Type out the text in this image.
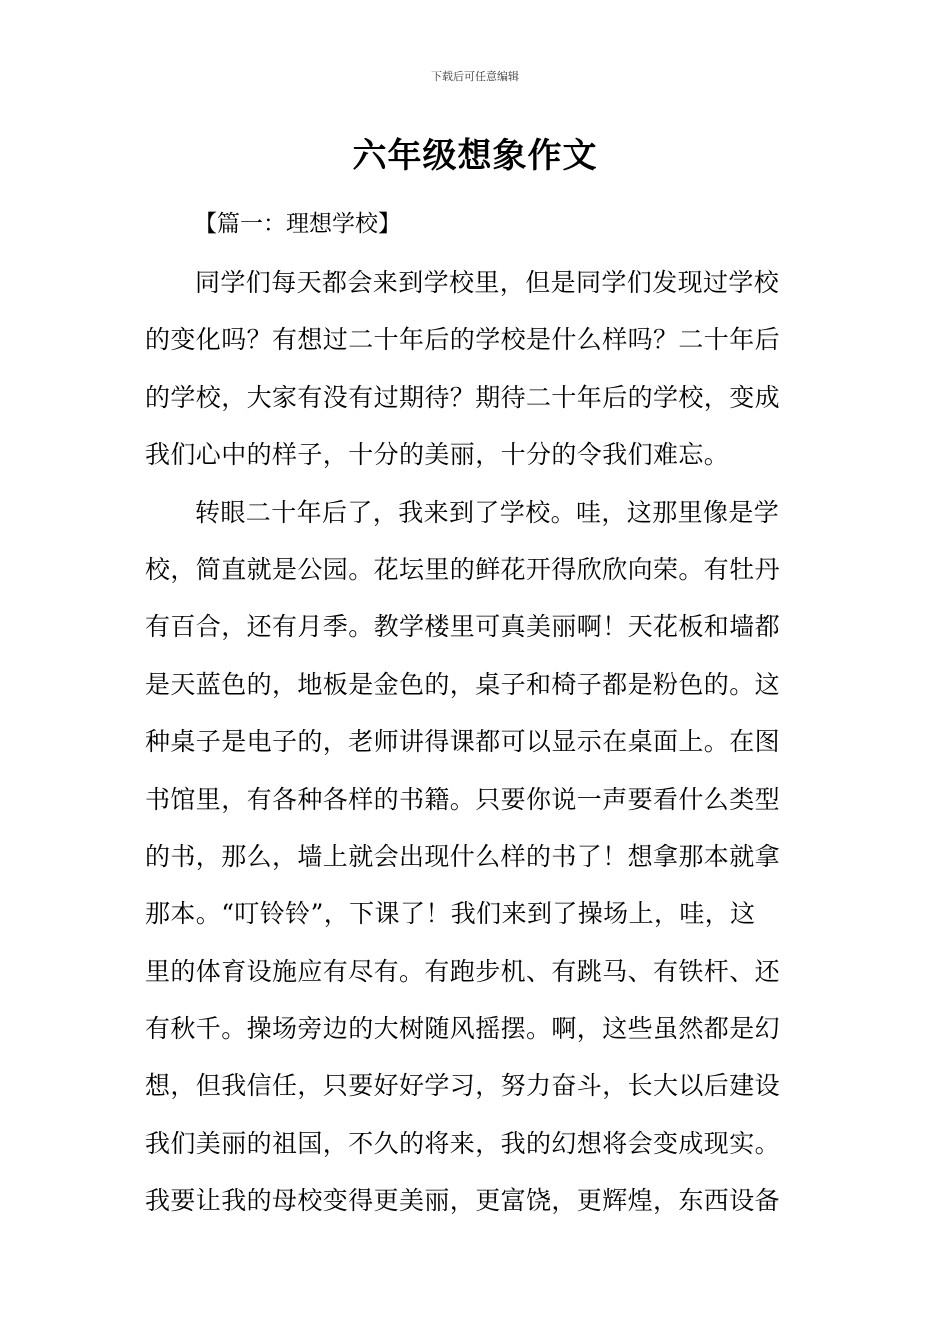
下载后可任意编辑
六年级想象作文
【篇一：理想学校】
同学们每天都会来到学校里，但是同学们发现过学校
的变化吗？有想过二十年后的学校是什么样吗？二十年后
的学校，大家有没有过期待？期待二十年后的学校，变成
我们心中的样子，十分的美丽，十分的令我们难忘。
转眼二十年后了，我来到了学校。哇，这那里像是学
校，简直就是公园。花坛里的鲜花开得欣欣向荣。有牡丹
有百合，还有月季。教学楼里可真美丽啊！天花板和墙都
是天蓝色的，地板是金色的，桌子和椅子都是粉色的。这
种桌子是电子的，老师讲得课都可以显示在桌面上。在图
书馆里，有各种各样的书籍。只要你说一声要看什么类型
的书，那么，墙上就会出现什么样的书了！想拿那本就拿
那本。“叮铃铃”，下课了！我们来到了操场上，哇，这
里的体育设施应有尽有。有跑步机、有跳马、有铁杆、还
有秋千。操场旁边的大树随风摇摆。啊，这些虽然都是幻
想，但我信任，只要好好学习，努力奋斗，长大以后建设
我们美丽的祖国，不久的将来，我的幻想将会变成现实。
我要让我的母校变得更美丽，更富饶，更辉煌，东西设备
